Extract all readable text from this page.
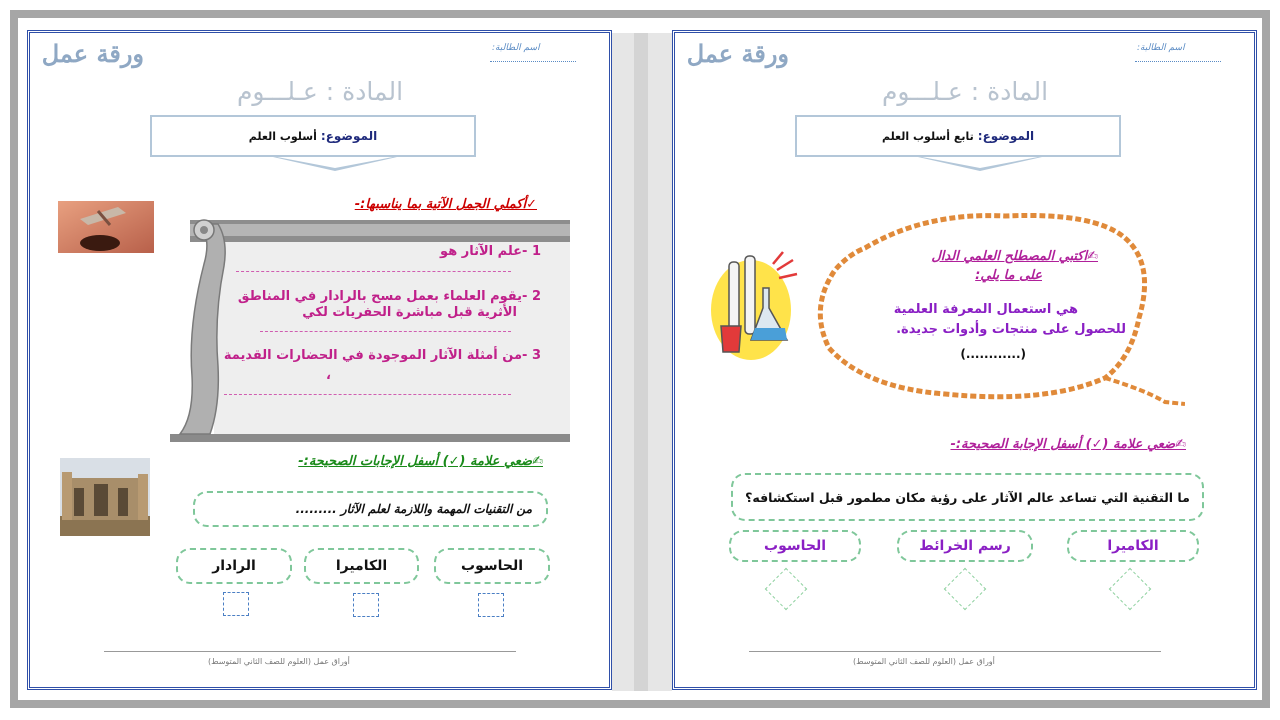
ورقة عمل	اسم الطالبة:
المادة : عـلـــوم
الموضوع:
أسلوب العلم
✓أكملي الجمل الآتية بما يناسبها:-
1 -علم الآثار هو
2 -يقوم العلماء بعمل مسح بالرادار في المناطق
الأثرية قبل مباشرة الحفريات لكي
3 -من أمثلة الآثار الموجودة في الحضارات القديمة
،
✍ضعي علامة (✓) أسفل الإجابات الصحيحة:-
من التقنيات المهمة واللازمة لعلم الآثار .........
الحاسوب
الكاميرا
الرادار
أوراق عمل (العلوم للصف الثاني المتوسط)
ورقة عمل	اسم الطالبة:
المادة : عـلـــوم
الموضوع:
تابع أسلوب العلم
✍اكتبي المصطلح العلمي الدال
على ما يلي:
هي استعمال المعرفة العلمية
للحصول على منتجات وأدوات جديدة.
(............)
✍ضعي علامة (✓) أسفل الإجابة الصحيحة:-
ما التقنية التي تساعد عالم الآثار على رؤية مكان مطمور قبل استكشافه؟
الكاميرا
رسم الخرائط
الحاسوب
أوراق عمل (العلوم للصف الثاني المتوسط)
